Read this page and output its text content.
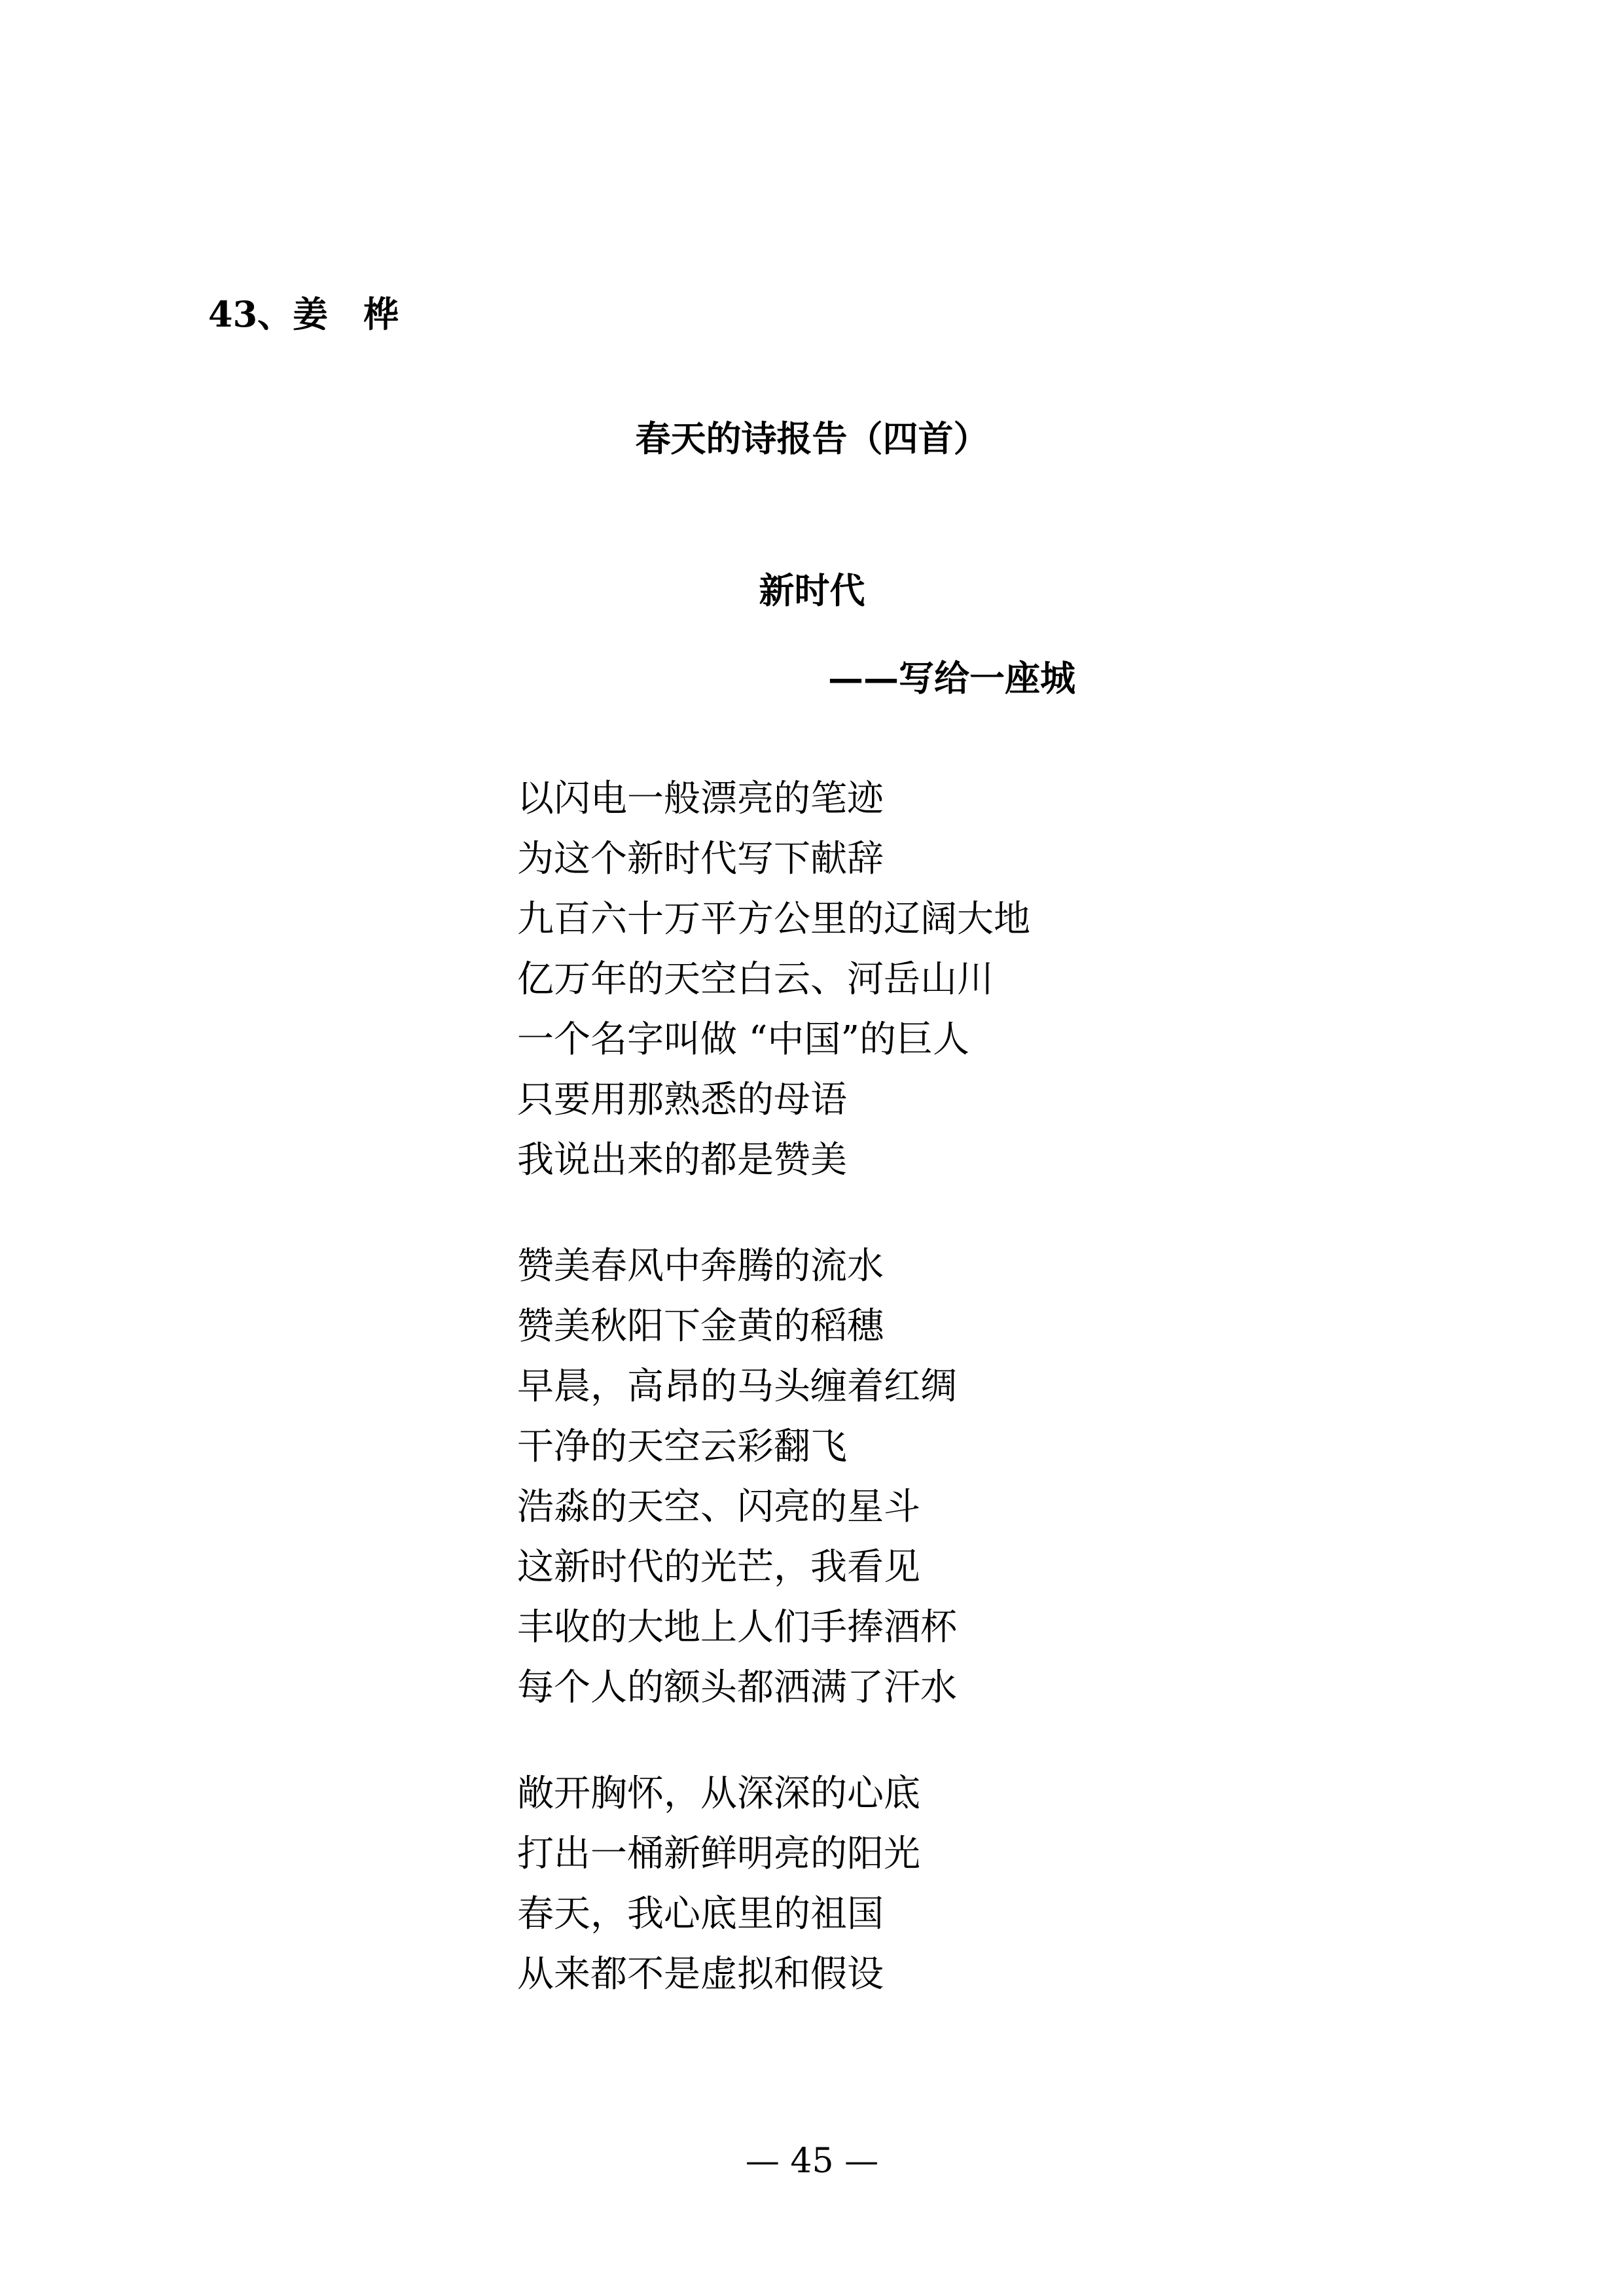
43、姜　桦
春天的诗报告（四首）
新时代
——写给一座城
以闪电一般漂亮的笔迹
为这个新时代写下献辞
九百六十万平方公里的辽阔大地
亿万年的天空白云、河岳山川
一个名字叫做 “中国”的巨人
只要用那熟悉的母语
我说出来的都是赞美
赞美春风中奔腾的流水
赞美秋阳下金黄的稻穗
早晨，高昂的马头缠着红绸
干净的天空云彩翻飞
浩淼的天空、闪亮的星斗
这新时代的光芒，我看见
丰收的大地上人们手捧酒杯
每个人的额头都洒满了汗水
敞开胸怀，从深深的心底
打出一桶新鲜明亮的阳光
春天，我心底里的祖国
从来都不是虚拟和假设
— 45 —
